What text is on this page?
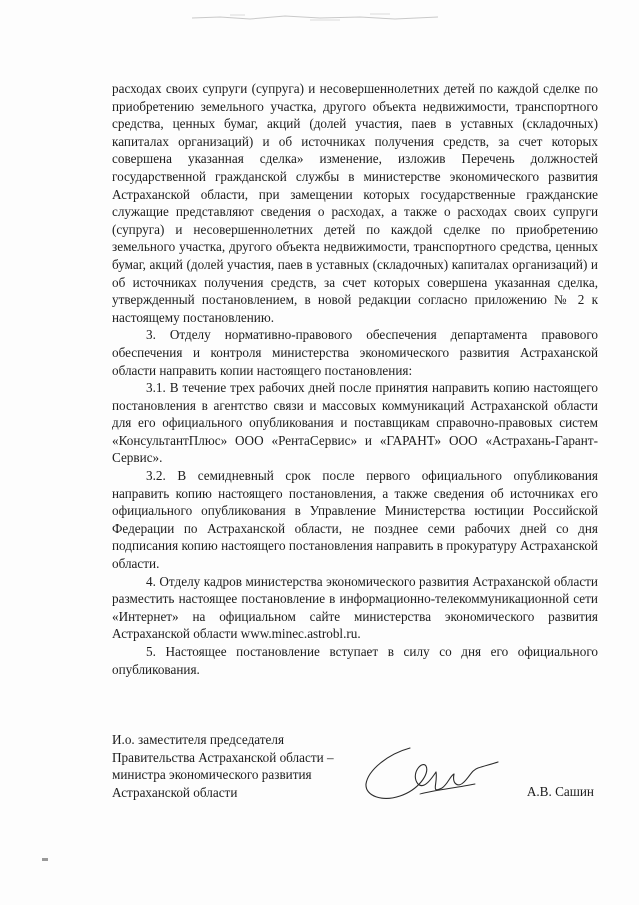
расходах своих супруги (супруга) и несовершеннолетних детей по каждой сделке по приобретению земельного участка, другого объекта недвижимости, транспортного средства, ценных бумаг, акций (долей участия, паев в уставных (складочных) капиталах организаций) и об источниках получения средств, за счет которых совершена указанная сделка» изменение, изложив Перечень должностей государственной гражданской службы в министерстве экономического развития Астраханской области, при замещении которых государственные гражданские служащие представляют сведения о расходах, а также о расходах своих супруги (супруга) и несовершеннолетних детей по каждой сделке по приобретению земельного участка, другого объекта недвижимости, транспортного средства, ценных бумаг, акций (долей участия, паев в уставных (складочных) капиталах организаций) и об источниках получения средств, за счет которых совершена указанная сделка, утвержденный постановлением, в новой редакции согласно приложению № 2 к настоящему постановлению.

3. Отделу нормативно-правового обеспечения департамента правового обеспечения и контроля министерства экономического развития Астраханской области направить копии настоящего постановления:

3.1. В течение трех рабочих дней после принятия направить копию настоящего постановления в агентство связи и массовых коммуникаций Астраханской области для его официального опубликования и поставщикам справочно-правовых систем «КонсультантПлюс» ООО «РентаСервис» и «ГАРАНТ» ООО «Астрахань-Гарант-Сервис».

3.2. В семидневный срок после первого официального опубликования направить копию настоящего постановления, а также сведения об источниках его официального опубликования в Управление Министерства юстиции Российской Федерации по Астраханской области, не позднее семи рабочих дней со дня подписания копию настоящего постановления направить в прокуратуру Астраханской области.

4. Отделу кадров министерства экономического развития Астраханской области разместить настоящее постановление в информационно-телекоммуникационной сети «Интернет» на официальном сайте министерства экономического развития Астраханской области www.minec.astrobl.ru.

5. Настоящее постановление вступает в силу со дня его официального опубликования.

И.о. заместителя председателя
Правительства Астраханской области –
министра экономического развития
Астраханской области	А.В. Сашин
